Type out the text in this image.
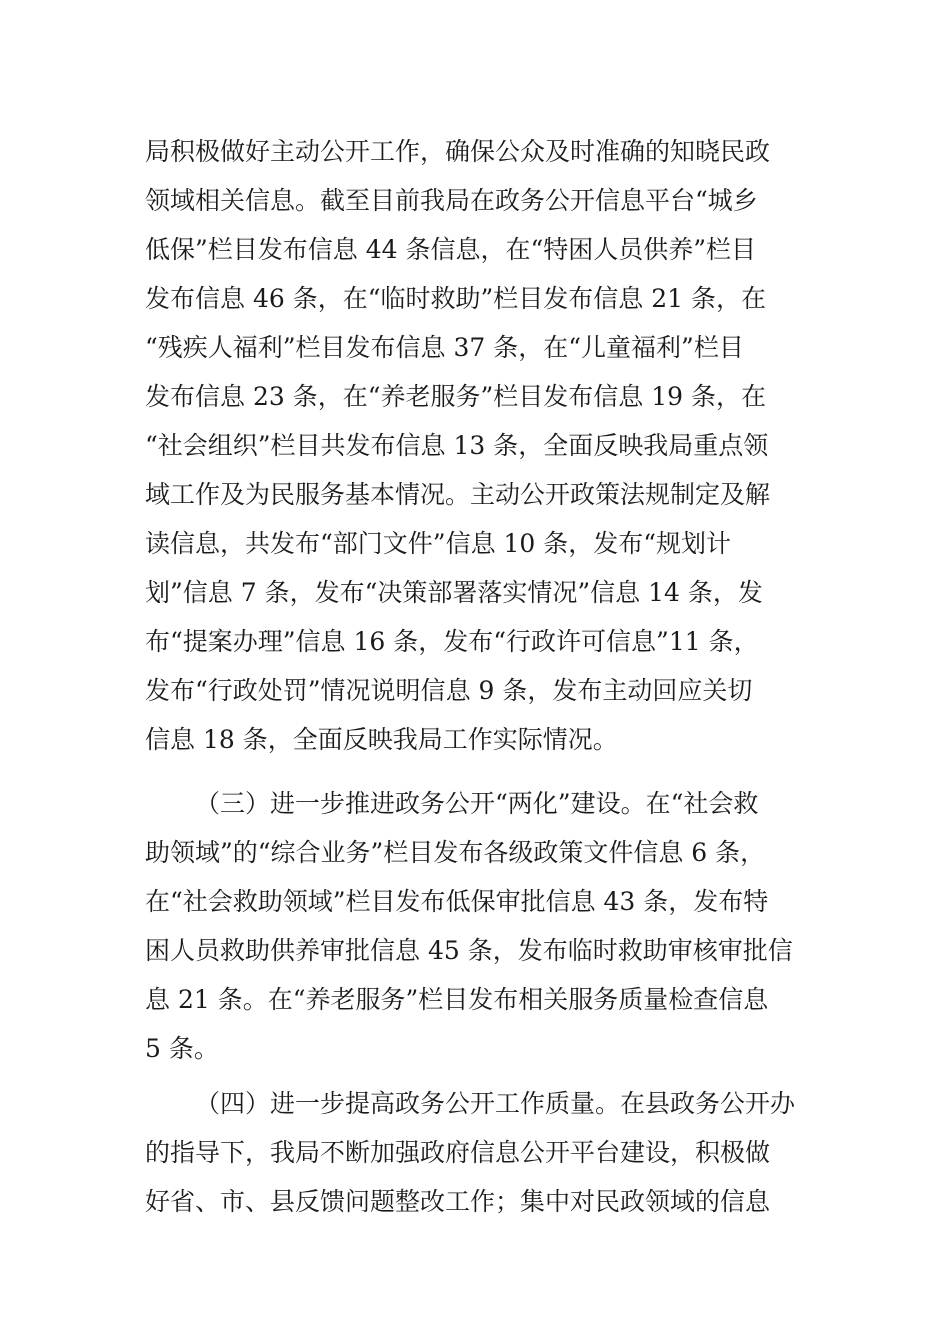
局积极做好主动公开工作，确保公众及时准确的知晓民政
领域相关信息。截至目前我局在政务公开信息平台“城乡
低保”栏目发布信息 44 条信息，在“特困人员供养”栏目
发布信息 46 条，在“临时救助”栏目发布信息 21 条，在
“残疾人福利”栏目发布信息 37 条，在“儿童福利”栏目
发布信息 23 条，在“养老服务”栏目发布信息 19 条，在
“社会组织”栏目共发布信息 13 条，全面反映我局重点领
域工作及为民服务基本情况。主动公开政策法规制定及解
读信息，共发布“部门文件”信息 10 条，发布“规划计
划”信息 7 条，发布“决策部署落实情况”信息 14 条，发
布“提案办理”信息 16 条，发布“行政许可信息”11 条，
发布“行政处罚”情况说明信息 9 条，发布主动回应关切
信息 18 条，全面反映我局工作实际情况。
（三）进一步推进政务公开“两化”建设。在“社会救
助领域”的“综合业务”栏目发布各级政策文件信息 6 条，
在“社会救助领域”栏目发布低保审批信息 43 条，发布特
困人员救助供养审批信息 45 条，发布临时救助审核审批信
息 21 条。在“养老服务”栏目发布相关服务质量检查信息
5 条。
（四）进一步提高政务公开工作质量。在县政务公开办
的指导下，我局不断加强政府信息公开平台建设，积极做
好省、市、县反馈问题整改工作；集中对民政领域的信息
